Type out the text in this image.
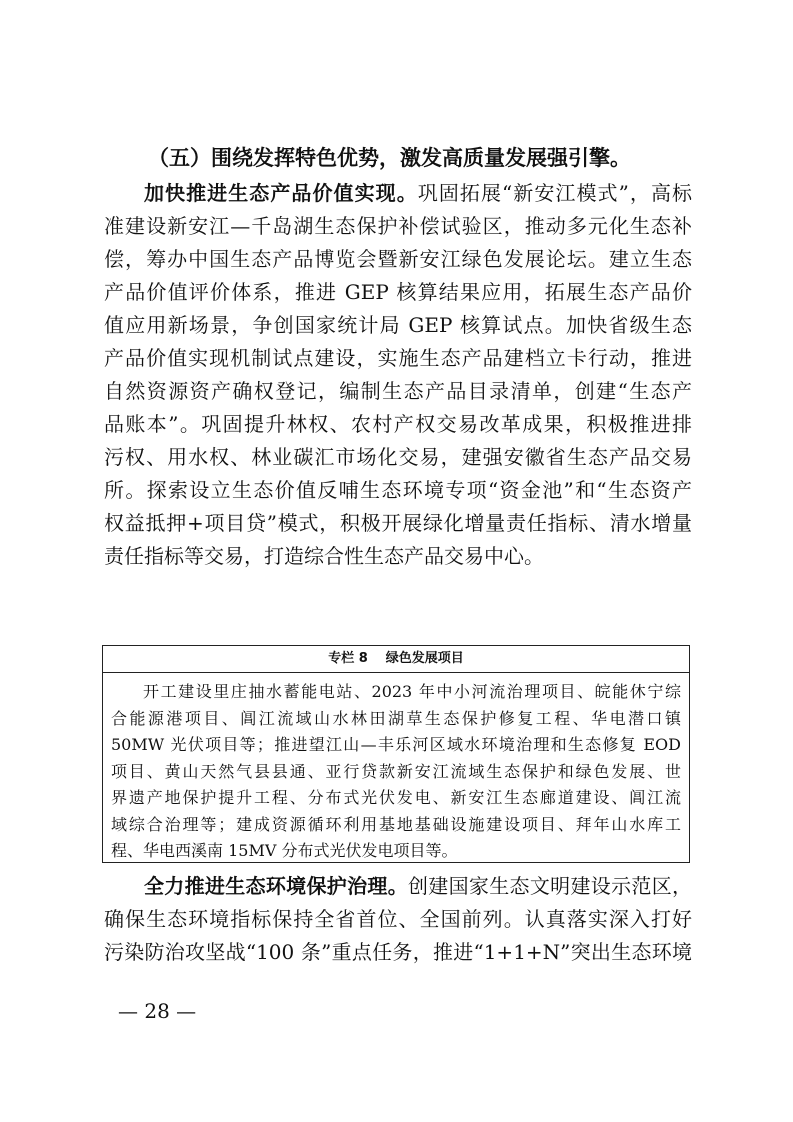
（五）围绕发挥特色优势，激发高质量发展强引擎。
加快推进生态产品价值实现。巩固拓展“新安江模式”，高标
准建设新安江—千岛湖生态保护补偿试验区，推动多元化生态补
偿，筹办中国生态产品博览会暨新安江绿色发展论坛。建立生态
产品价值评价体系，推进 GEP 核算结果应用，拓展生态产品价
值应用新场景，争创国家统计局 GEP 核算试点。加快省级生态
产品价值实现机制试点建设，实施生态产品建档立卡行动，推进
自然资源资产确权登记，编制生态产品目录清单，创建“生态产
品账本”。巩固提升林权、农村产权交易改革成果，积极推进排
污权、用水权、林业碳汇市场化交易，建强安徽省生态产品交易
所。探索设立生态价值反哺生态环境专项“资金池”和“生态资产
权益抵押+项目贷”模式，积极开展绿化增量责任指标、清水增量
责任指标等交易，打造综合性生态产品交易中心。
专栏 8 绿色发展项目
开工建设里庄抽水蓄能电站、2023 年中小河流治理项目、皖能休宁综
合能源港项目、阊江流域山水林田湖草生态保护修复工程、华电潜口镇
50MW 光伏项目等；推进望江山—丰乐河区域水环境治理和生态修复 EOD
项目、黄山天然气县县通、亚行贷款新安江流域生态保护和绿色发展、世
界遗产地保护提升工程、分布式光伏发电、新安江生态廊道建设、阊江流
域综合治理等；建成资源循环利用基地基础设施建设项目、拜年山水库工
程、华电西溪南 15MV 分布式光伏发电项目等。
全力推进生态环境保护治理。创建国家生态文明建设示范区，
确保生态环境指标保持全省首位、全国前列。认真落实深入打好
污染防治攻坚战“100 条”重点任务，推进“1+1+N”突出生态环境
— 28 —
